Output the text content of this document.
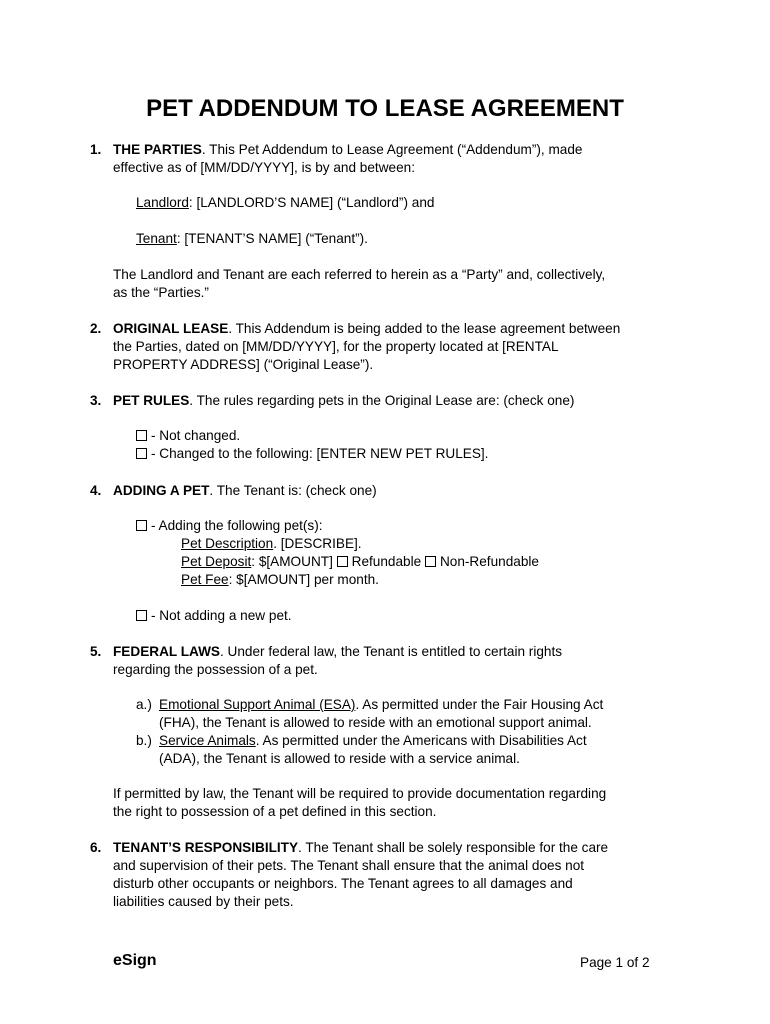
PET ADDENDUM TO LEASE AGREEMENT
1. THE PARTIES. This Pet Addendum to Lease Agreement (“Addendum”), made
effective as of [MM/DD/YYYY], is by and between:
Landlord: [LANDLORD’S NAME] (“Landlord”) and
Tenant: [TENANT’S NAME] (“Tenant”).
The Landlord and Tenant are each referred to herein as a “Party” and, collectively,
as the “Parties.”
2. ORIGINAL LEASE. This Addendum is being added to the lease agreement between
the Parties, dated on [MM/DD/YYYY], for the property located at [RENTAL
PROPERTY ADDRESS] (“Original Lease”).
3. PET RULES. The rules regarding pets in the Original Lease are: (check one)
- Not changed.
- Changed to the following: [ENTER NEW PET RULES].
4. ADDING A PET. The Tenant is: (check one)
- Adding the following pet(s):
Pet Description. [DESCRIBE].
Pet Deposit: $[AMOUNT] Refundable Non-Refundable
Pet Fee: $[AMOUNT] per month.
- Not adding a new pet.
5. FEDERAL LAWS. Under federal law, the Tenant is entitled to certain rights
regarding the possession of a pet.
a.) Emotional Support Animal (ESA). As permitted under the Fair Housing Act
(FHA), the Tenant is allowed to reside with an emotional support animal.
b.) Service Animals. As permitted under the Americans with Disabilities Act
(ADA), the Tenant is allowed to reside with a service animal.
If permitted by law, the Tenant will be required to provide documentation regarding
the right to possession of a pet defined in this section.
6. TENANT’S RESPONSIBILITY. The Tenant shall be solely responsible for the care
and supervision of their pets. The Tenant shall ensure that the animal does not
disturb other occupants or neighbors. The Tenant agrees to all damages and
liabilities caused by their pets.
eSign	Page 1 of 2
